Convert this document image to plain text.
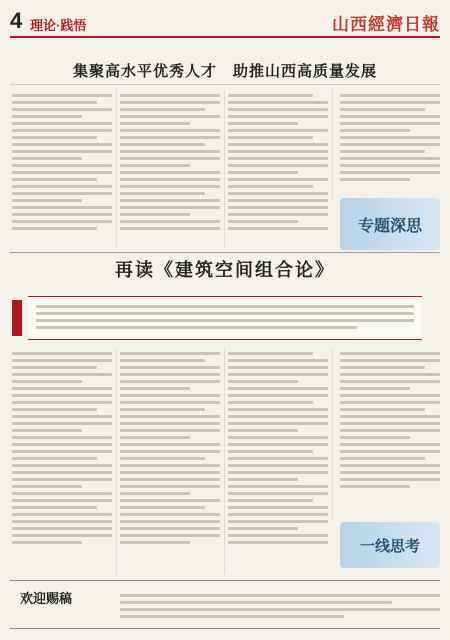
4 理论·践悟	山西經濟日報
集聚高水平优秀人才　助推山西高质量发展
专题深思
再读《建筑空间组合论》
一线思考
欢迎赐稿
